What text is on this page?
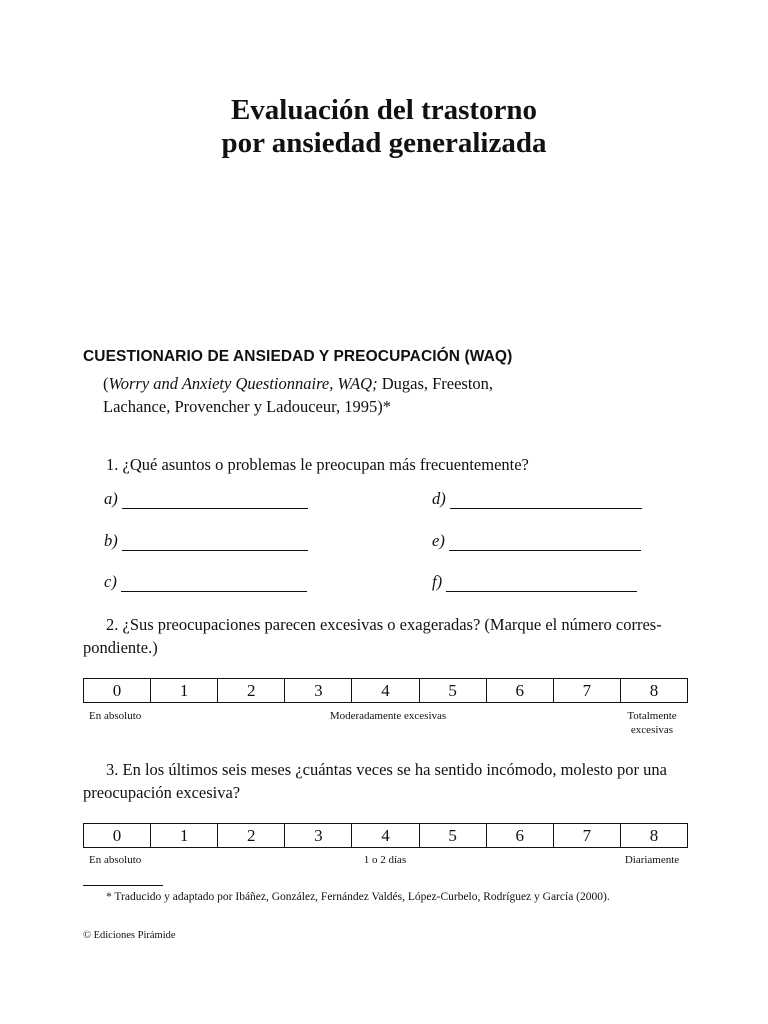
Evaluación del trastorno
por ansiedad generalizada
CUESTIONARIO DE ANSIEDAD Y PREOCUPACIÓN (WAQ)
(Worry and Anxiety Questionnaire, WAQ; Dugas, Freeston,
Lachance, Provencher y Ladouceur, 1995)*
1. ¿Qué asuntos o problemas le preocupan más frecuentemente?
a)
b)
c)
d)
e)
f)
2. ¿Sus preocupaciones parecen excesivas o exageradas? (Marque el número corres-
pondiente.)
0	1	2	3	4	5	6	7	8
En absoluto	Moderadamente excesivas	Totalmente
excesivas
3. En los últimos seis meses ¿cuántas veces se ha sentido incómodo, molesto por una
preocupación excesiva?
0	1	2	3	4	5	6	7	8
En absoluto	1 o 2 días	Diariamente
* Traducido y adaptado por Ibáñez, González, Fernández Valdés, López-Curbelo, Rodríguez y García (2000).
© Ediciones Pirámide
